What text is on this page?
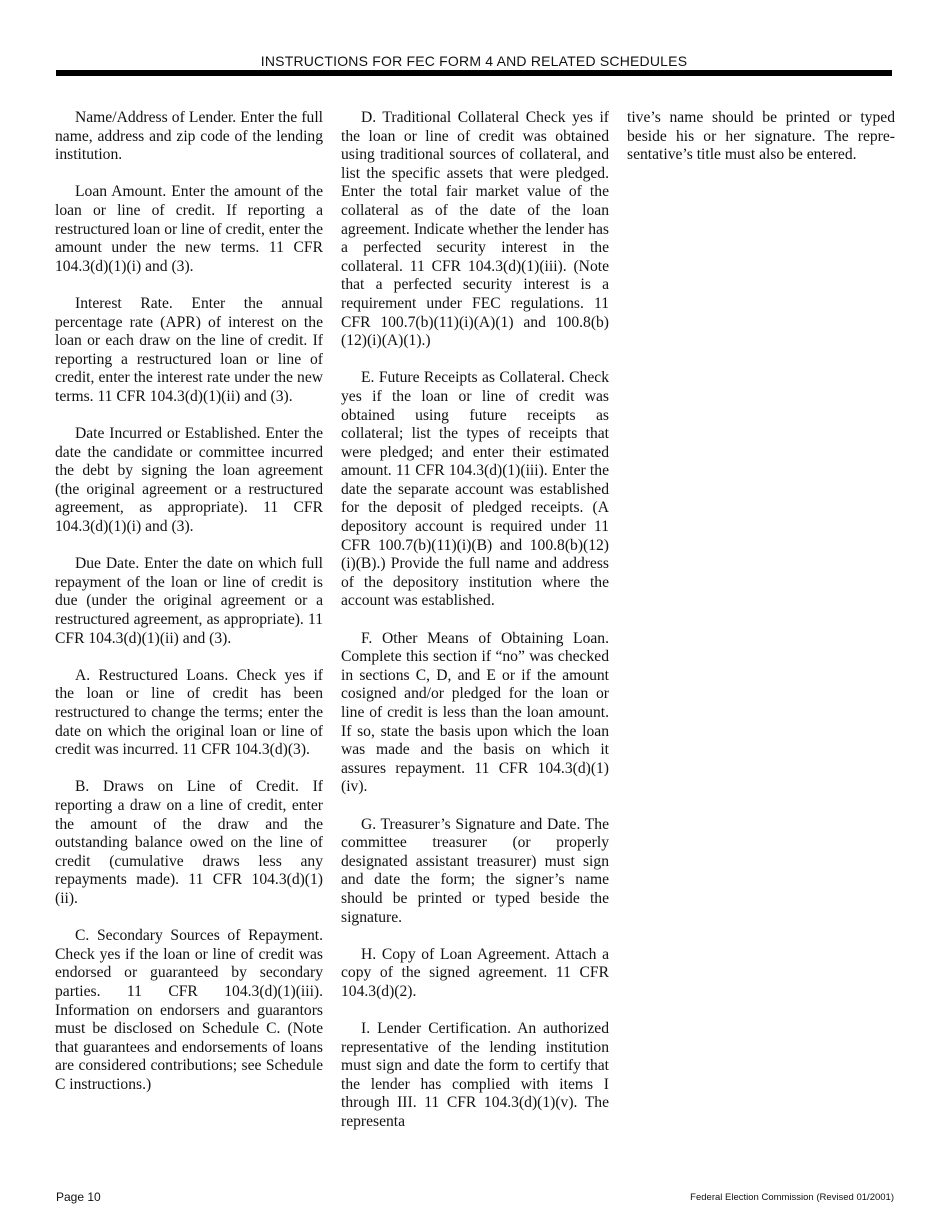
INSTRUCTIONS FOR FEC FORM 4 AND RELATED SCHEDULES

Name/Address of Lender. Enter the full name, address and zip code of the lending institution.

Loan Amount. Enter the amount of the loan or line of credit. If reporting a restructured loan or line of credit, enter the amount under the new terms. 11 CFR 104.3(d)(1)(i) and (3).

Interest Rate. Enter the annual percentage rate (APR) of interest on the loan or each draw on the line of credit. If reporting a restructured loan or line of credit, enter the interest rate under the new terms. 11 CFR 104.3(d)(1)(ii) and (3).

Date Incurred or Established. Enter the date the candidate or committee incurred the debt by signing the loan agreement (the original agreement or a restructured agreement, as appropriate). 11 CFR 104.3(d)(1)(i) and (3).

Due Date. Enter the date on which full repayment of the loan or line of credit is due (under the original agreement or a restructured agreement, as appropriate). 11 CFR 104.3(d)(1)(ii) and (3).

A. Restructured Loans. Check yes if the loan or line of credit has been restructured to change the terms; enter the date on which the original loan or line of credit was incurred. 11 CFR 104.3(d)(3).

B. Draws on Line of Credit. If reporting a draw on a line of credit, enter the amount of the draw and the outstanding balance owed on the line of credit (cumulative draws less any repayments made). 11 CFR 104.3(d)(1)(ii).

C. Secondary Sources of Repayment. Check yes if the loan or line of credit was endorsed or guaranteed by secondary parties. 11 CFR 104.3(d)(1)(iii). Information on endorsers and guarantors must be disclosed on Schedule C. (Note that guarantees and endorsements of loans are considered contributions; see Schedule C instructions.)

D. Traditional Collateral Check yes if the loan or line of credit was obtained using traditional sources of collateral, and list the specific assets that were pledged. Enter the total fair market value of the collateral as of the date of the loan agreement. Indicate whether the lender has a perfected security interest in the collateral. 11 CFR 104.3(d)(1)(iii). (Note that a perfected security interest is a requirement under FEC regulations. 11 CFR 100.7(b)(11)(i)(A)(1) and 100.8(b)(12)(i)(A)(1).)

E. Future Receipts as Collateral. Check yes if the loan or line of credit was obtained using future receipts as collateral; list the types of receipts that were pledged; and enter their estimated amount. 11 CFR 104.3(d)(1)(iii). Enter the date the separate account was established for the deposit of pledged receipts. (A depository account is required under 11 CFR 100.7(b)(11)(i)(B) and 100.8(b)(12)(i)(B).) Provide the full name and address of the depository institution where the account was established.

F. Other Means of Obtaining Loan. Complete this section if “no” was checked in sections C, D, and E or if the amount cosigned and/or pledged for the loan or line of credit is less than the loan amount. If so, state the basis upon which the loan was made and the basis on which it assures repayment. 11 CFR 104.3(d)(1)(iv).

G. Treasurer’s Signature and Date. The committee treasurer (or properly designated assistant treasurer) must sign and date the form; the signer’s name should be printed or typed beside the signature.

H. Copy of Loan Agreement. Attach a copy of the signed agreement. 11 CFR 104.3(d)(2).

I. Lender Certification. An authorized representative of the lending institution must sign and date the form to certify that the lender has complied with items I through III. 11 CFR 104.3(d)(1)(v). The representa

tive’s name should be printed or typed beside his or her signature. The representative’s title must also be entered.

Page 10	Federal Election Commission (Revised 01/2001)
